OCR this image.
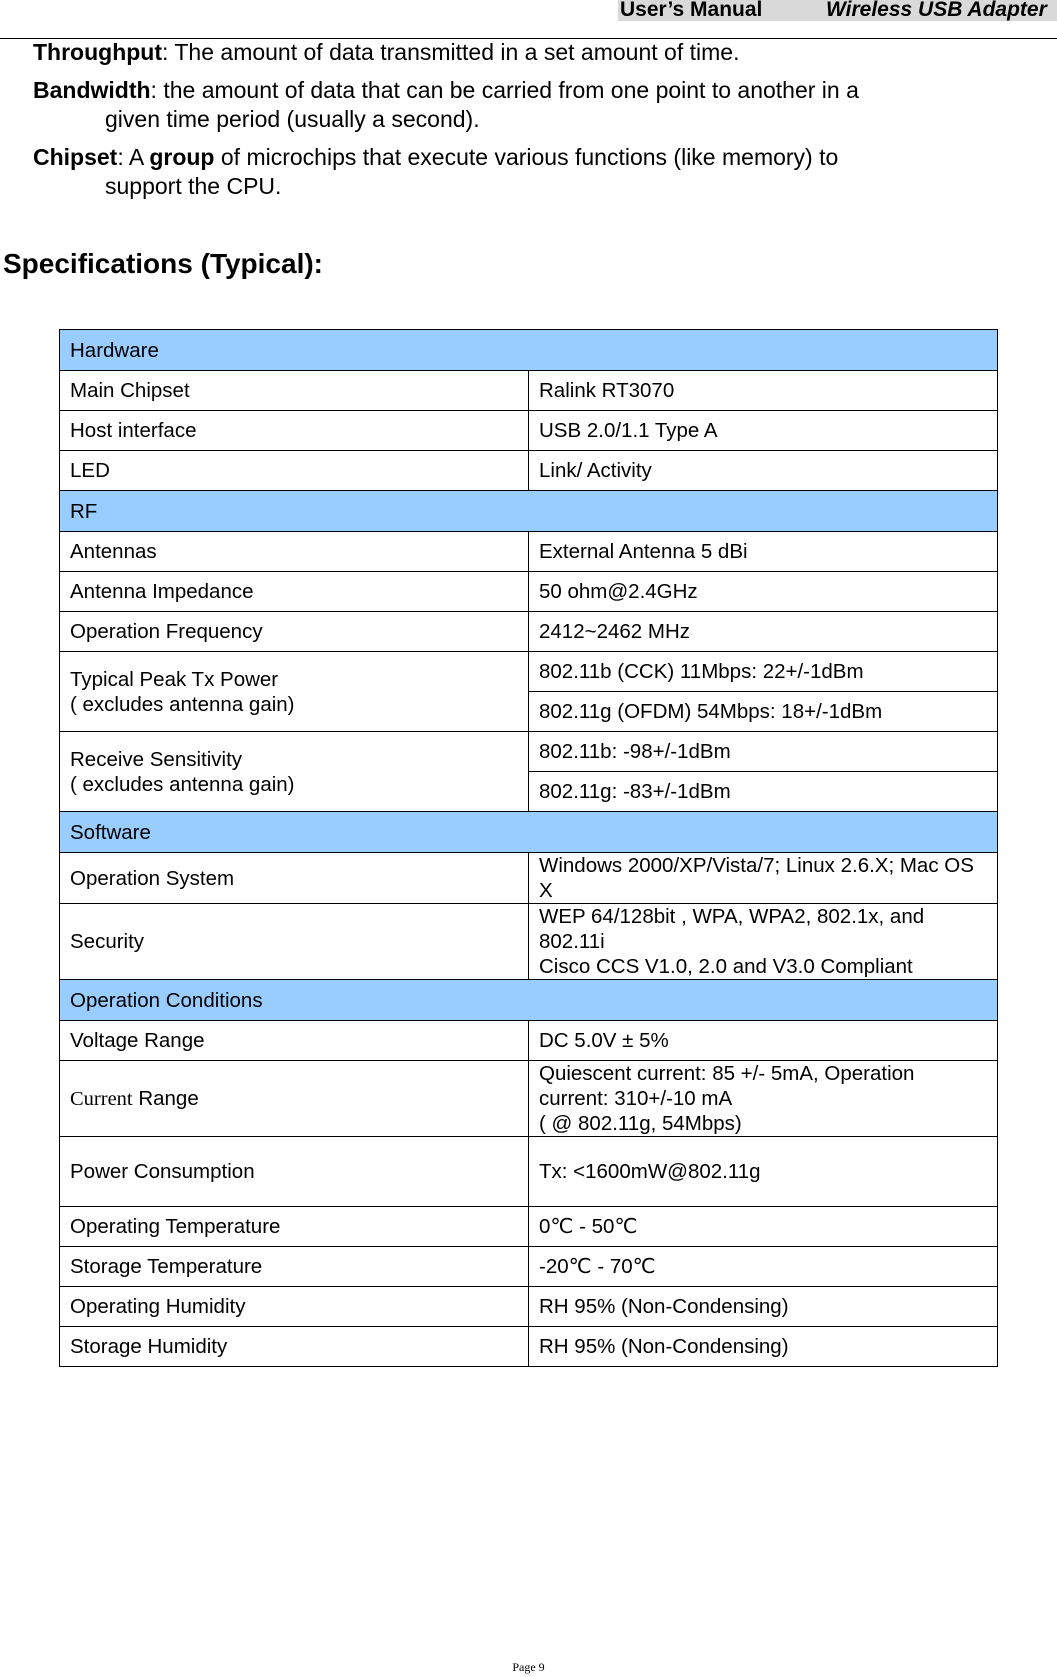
User’s Manual	Wireless USB Adapter
Throughput: The amount of data transmitted in a set amount of time.
Bandwidth: the amount of data that can be carried from one point to another in a
given time period (usually a second).
Chipset: A group of microchips that execute various functions (like memory) to
support the CPU.
Specifications (Typical):
Hardware	
Main Chipset	Ralink RT3070
Host interface	USB 2.0/1.1 Type A
LED	Link/ Activity
RF	
Antennas	External Antenna 5 dBi
Antenna Impedance	50 ohm@2.4GHz
Operation Frequency	2412~2462 MHz

Typical Peak Tx Power
( excludes antenna gain)	802.11b (CCK) 11Mbps: 22+/-1dBm
	802.11g (OFDM) 54Mbps: 18+/-1dBm

Receive Sensitivity
( excludes antenna gain)	802.11b: -98+/-1dBm
	802.11g: -83+/-1dBm
Software	
Operation System	Windows 2000/XP/Vista/7; Linux 2.6.X; Mac OS X
Security	WEP 64/128bit , WPA, WPA2, 802.1x, and 802.11i
Cisco CCS V1.0, 2.0 and V3.0 Compliant

Operation Conditions	
Voltage Range	DC 5.0V ± 5%
Current Range	Quiescent current: 85 +/- 5mA, Operation current: 310+/-10 mA
( @ 802.11g, 54Mbps)

Power Consumption	Tx: <1600mW@802.11g
Operating Temperature	0℃ - 50℃
Storage Temperature	-20℃ - 70℃
Operating Humidity	RH 95% (Non-Condensing)
Storage Humidity	RH 95% (Non-Condensing)
Page 9
